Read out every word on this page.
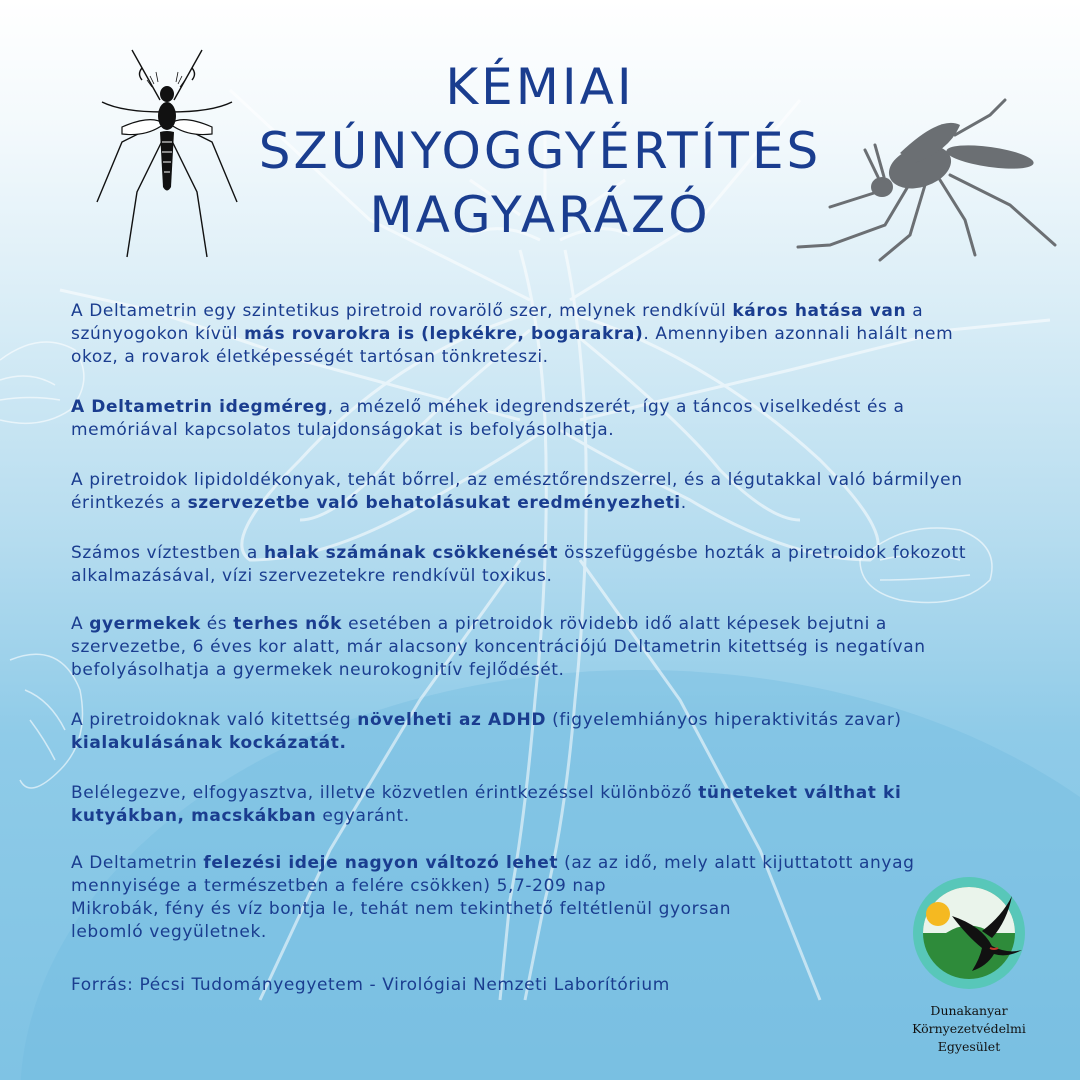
KÉMIAI
SZÚNYOGGYÉRTÍTÉS
MAGYARÁZÓ
A Deltametrin egy szintetikus piretroid rovarölő szer, melynek rendkívül káros hatása van a
szúnyogokon kívül más rovarokra is (lepkékre, bogarakra). Amennyiben azonnali halált nem
okoz, a rovarok életképességét tartósan tönkreteszi.
A Deltametrin idegméreg, a mézelő méhek idegrendszerét, így a táncos viselkedést és a
memóriával kapcsolatos tulajdonságokat is befolyásolhatja.
A piretroidok lipidoldékonyak, tehát bőrrel, az emésztőrendszerrel, és a légutakkal való bármilyen
érintkezés a szervezetbe való behatolásukat eredményezheti.
Számos víztestben a halak számának csökkenését összefüggésbe hozták a piretroidok fokozott
alkalmazásával, vízi szervezetekre rendkívül toxikus.
A gyermekek és terhes nők esetében a piretroidok rövidebb idő alatt képesek bejutni a
szervezetbe, 6 éves kor alatt, már alacsony koncentrációjú Deltametrin kitettség is negatívan
befolyásolhatja a gyermekek neurokognitív fejlődését.
A piretroidoknak való kitettség növelheti az ADHD (figyelemhiányos hiperaktivitás zavar)
kialakulásának kockázatát.
Belélegezve, elfogyasztva, illetve közvetlen érintkezéssel különböző tüneteket válthat ki
kutyákban, macskákban egyaránt.
A Deltametrin felezési ideje nagyon változó lehet (az az idő, mely alatt kijuttatott anyag
mennyisége a természetben a felére csökken) 5,7-209 nap
Mikrobák, fény és víz bontja le, tehát nem tekinthető feltétlenül gyorsan
lebomló vegyületnek.
Forrás: Pécsi Tudományegyetem - Virológiai Nemzeti Laborítórium
Dunakanyar
Környezetvédelmi
Egyesület
